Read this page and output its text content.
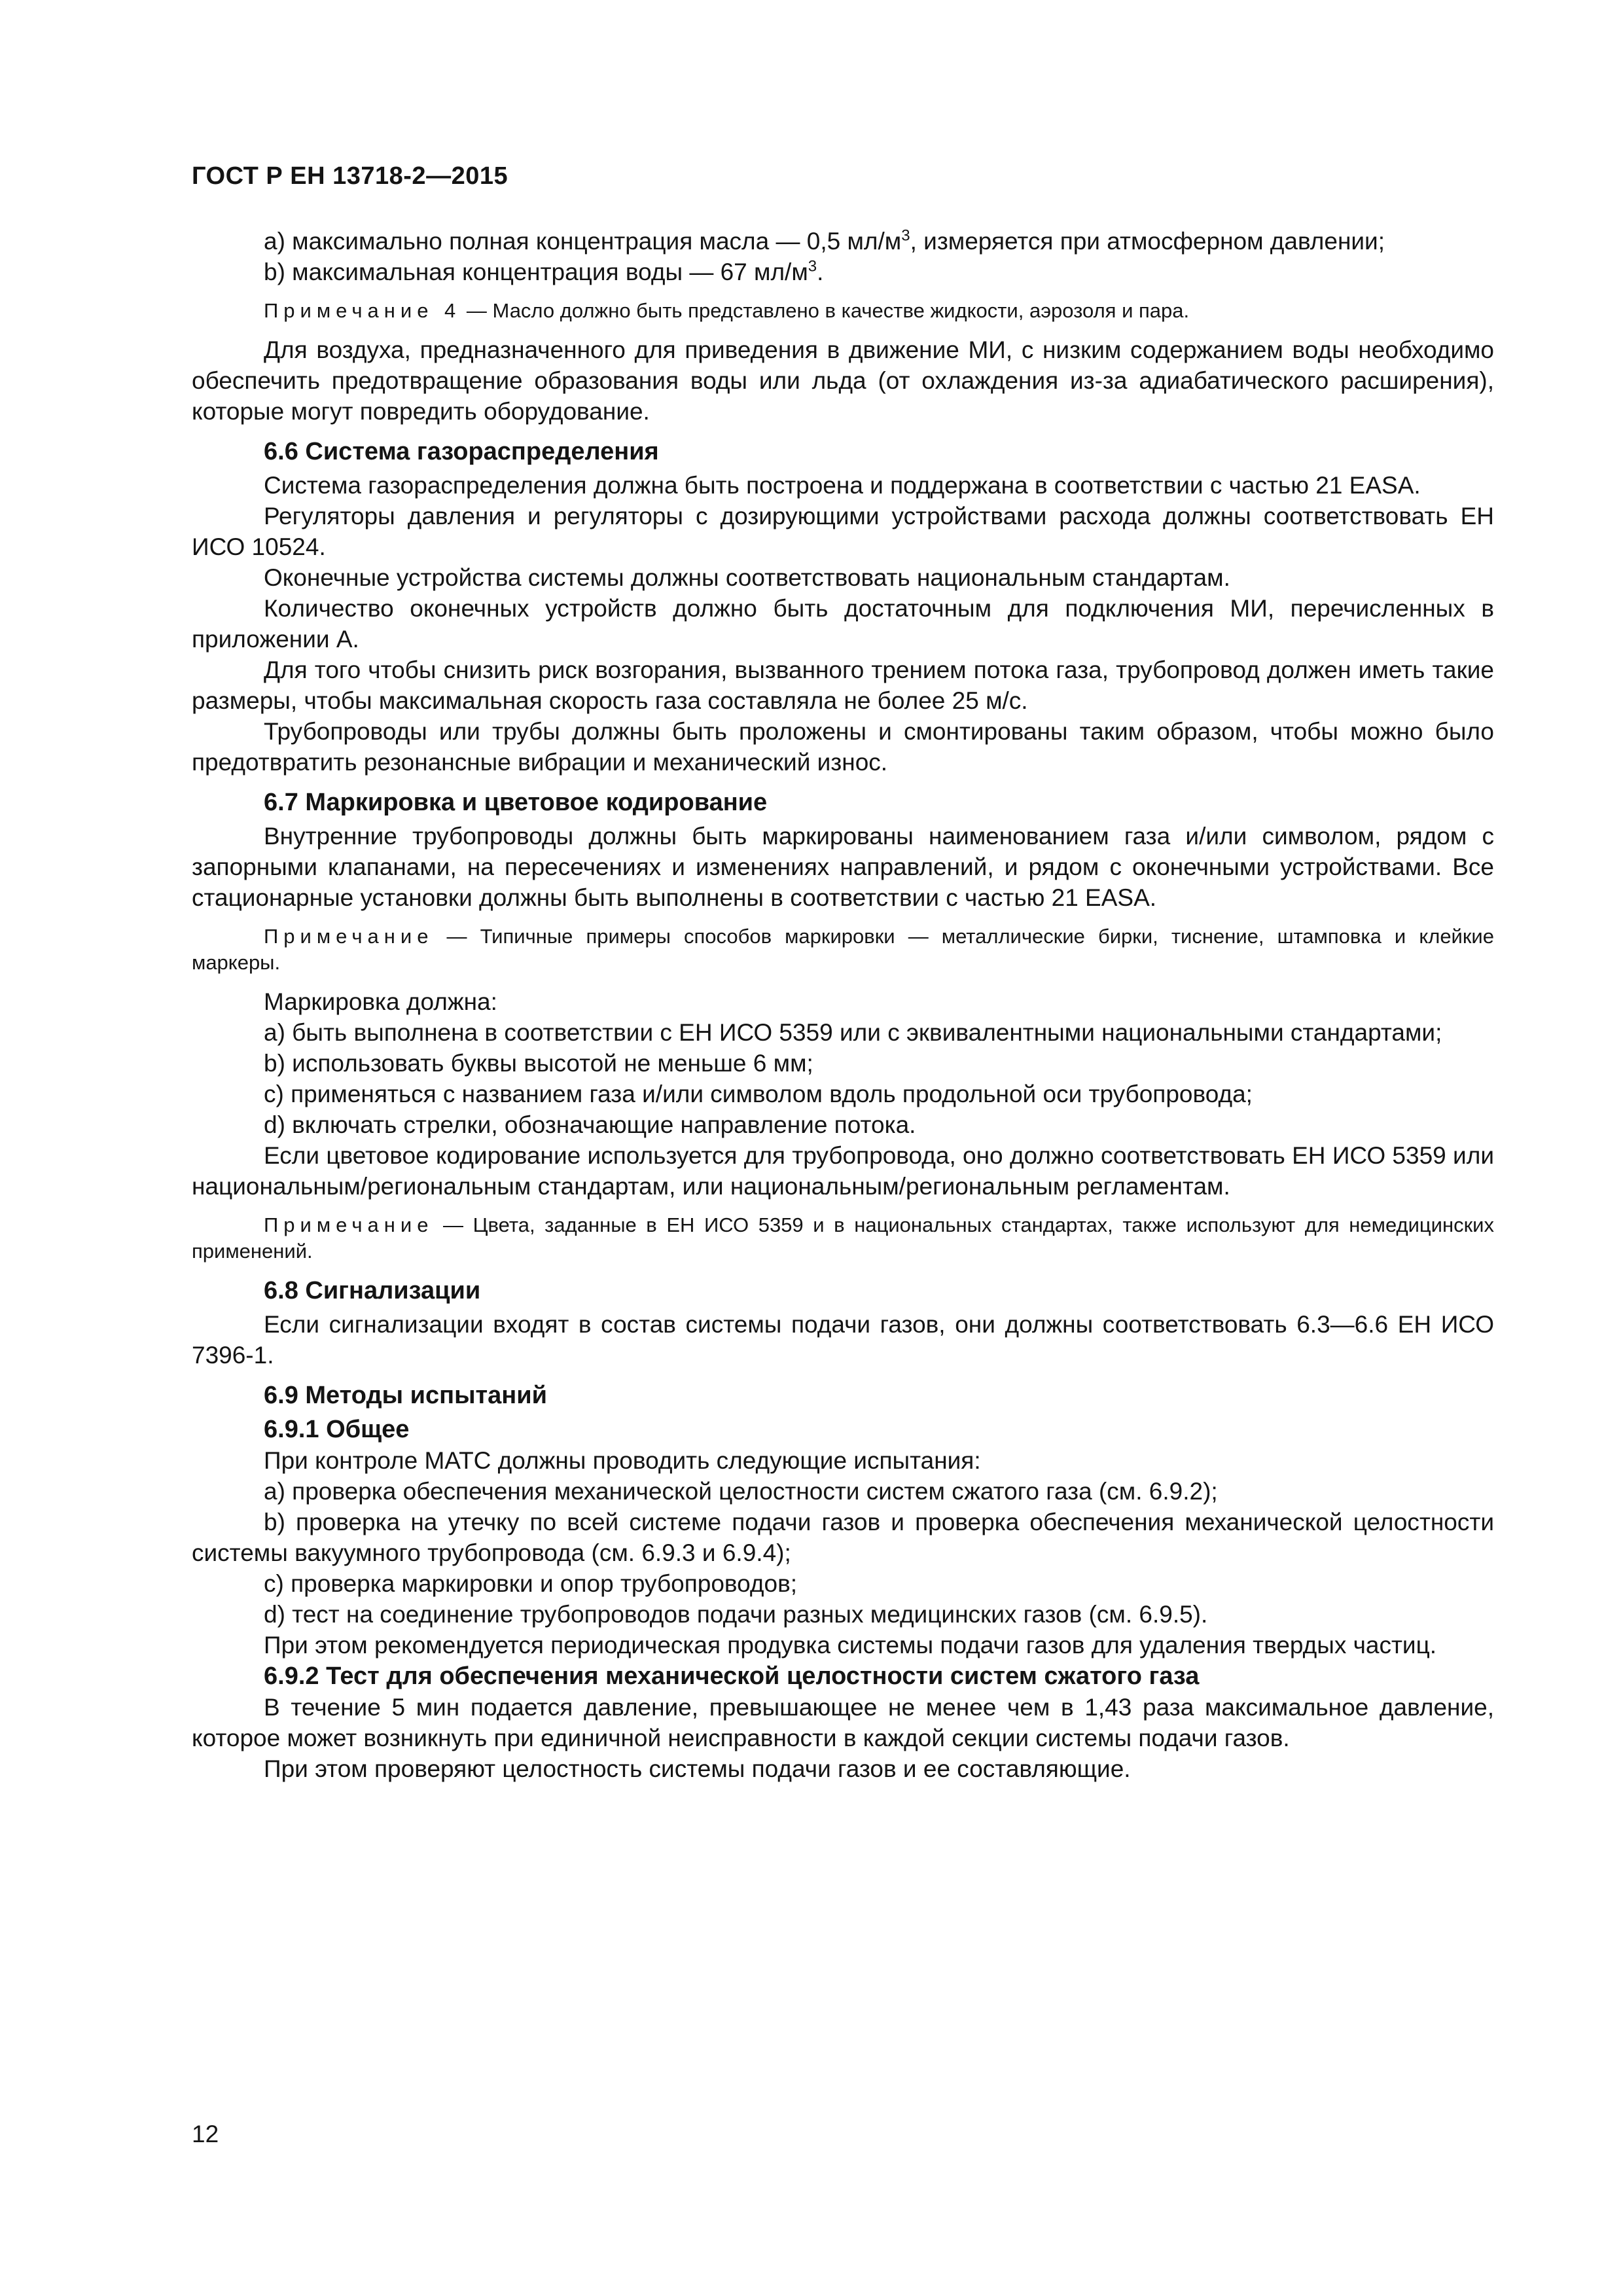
ГОСТ Р ЕН 13718-2—2015

a) максимально полная концентрация масла — 0,5 $мл/м^3$, измеряется при атмосферном давлении;

b) максимальная концентрация воды — 67 $мл/м^3$.

Примечание 4 — Масло должно быть представлено в качестве жидкости, аэрозоля и пара.

Для воздуха, предназначенного для приведения в движение МИ, с низким содержанием воды необходимо обеспечить предотвращение образования воды или льда (от охлаждения из-за адиабатического расширения), которые могут повредить оборудование.

6.6 Система газораспределения

Система газораспределения должна быть построена и поддержана в соответствии с частью 21 EASA.

Регуляторы давления и регуляторы с дозирующими устройствами расхода должны соответствовать ЕН ИСО 10524.

Оконечные устройства системы должны соответствовать национальным стандартам.

Количество оконечных устройств должно быть достаточным для подключения МИ, перечисленных в приложении А.

Для того чтобы снизить риск возгорания, вызванного трением потока газа, трубопровод должен иметь такие размеры, чтобы максимальная скорость газа составляла не более 25 м/с.

Трубопроводы или трубы должны быть проложены и смонтированы таким образом, чтобы можно было предотвратить резонансные вибрации и механический износ.

6.7 Маркировка и цветовое кодирование

Внутренние трубопроводы должны быть маркированы наименованием газа и/или символом, рядом с запорными клапанами, на пересечениях и изменениях направлений, и рядом с оконечными устройствами. Все стационарные установки должны быть выполнены в соответствии с частью 21 EASA.

Примечание — Типичные примеры способов маркировки — металлические бирки, тиснение, штамповка и клейкие маркеры.

Маркировка должна:

a) быть выполнена в соответствии с ЕН ИСО 5359 или с эквивалентными национальными стандартами;

b) использовать буквы высотой не меньше 6 мм;

c) применяться с названием газа и/или символом вдоль продольной оси трубопровода;

d) включать стрелки, обозначающие направление потока.

Если цветовое кодирование используется для трубопровода, оно должно соответствовать ЕН ИСО 5359 или национальным/региональным стандартам, или национальным/региональным регламентам.

Примечание — Цвета, заданные в ЕН ИСО 5359 и в национальных стандартах, также используют для немедицинских применений.

6.8 Сигнализации

Если сигнализации входят в состав системы подачи газов, они должны соответствовать 6.3—6.6 ЕН ИСО 7396-1.

6.9 Методы испытаний
6.9.1 Общее

При контроле МАТС должны проводить следующие испытания:

a) проверка обеспечения механической целостности систем сжатого газа (см. 6.9.2);

b) проверка на утечку по всей системе подачи газов и проверка обеспечения механической целостности системы вакуумного трубопровода (см. 6.9.3 и 6.9.4);

c) проверка маркировки и опор трубопроводов;

d) тест на соединение трубопроводов подачи разных медицинских газов (см. 6.9.5).

При этом рекомендуется периодическая продувка системы подачи газов для удаления твердых частиц.

6.9.2 Тест для обеспечения механической целостности систем сжатого газа

В течение 5 мин подается давление, превышающее не менее чем в 1,43 раза максимальное давление, которое может возникнуть при единичной неисправности в каждой секции системы подачи газов.

При этом проверяют целостность системы подачи газов и ее составляющие.

12
